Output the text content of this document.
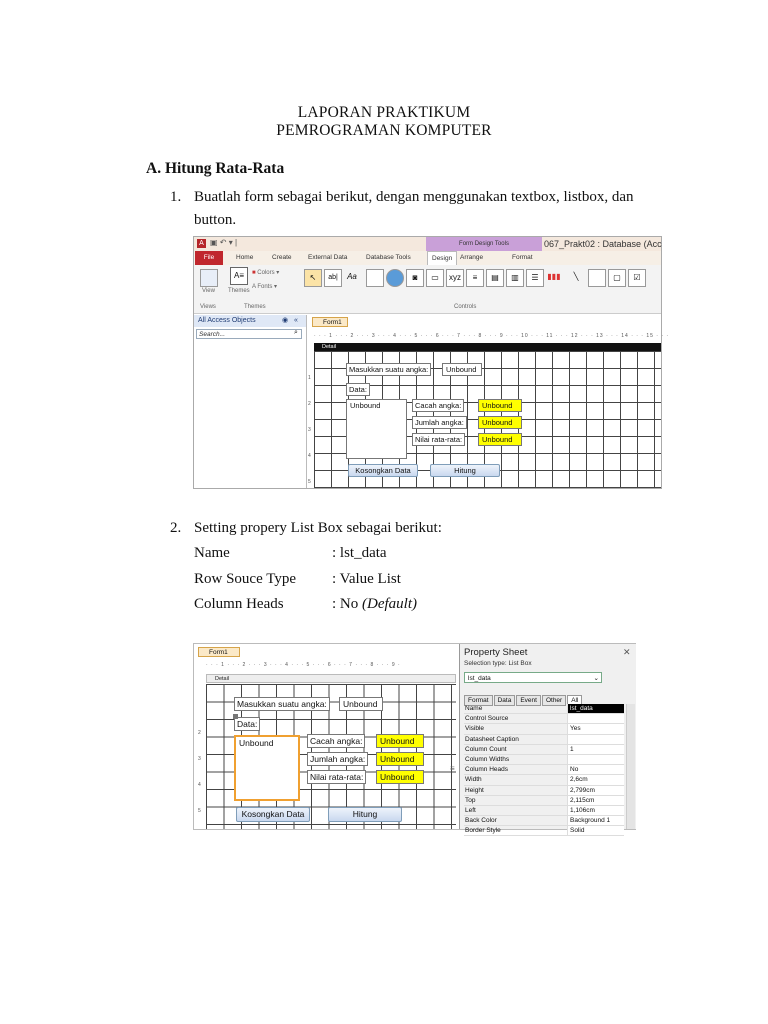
LAPORAN PRAKTIKUM
PEMROGRAMAN KOMPUTER
A. Hitung Rata-Rata
1. Buatlah form sebagai berikut, dengan menggunakan textbox, listbox, dan
button.
A ▣ ↶ ▾ |	Form Design Tools	067_Prakt02 : Database (Acc
File	Home	Create	External Data	Database Tools	Design	Arrange	Format
View
Views
A≡
Themes
■ Colors ▾
A Fonts ▾
Themes
↖	ab|	Aa	◙	▭	xyz	≡	▤	▥	☰	▮▮▮	╲	▢	☑
Controls
All Access Objects	◉ «
Search...	⌕
Form1
· · · 1 · · · 2 · · · 3 · · · 4 · · · 5 · · · 6 · · · 7 · · · 8 · · · 9 · · · 10 · · · 11 · · · 12 · · · 13 · · · 14 · · · 15 · · ·
Detail
1
2
3
4
5
Masukkan suatu angka:	Unbound
Data:
Unbound	Cacah angka:	Unbound
Jumlah angka:	Unbound
Nilai rata-rata:	Unbound
Kosongkan Data	Hitung
2. Setting propery List Box sebagai berikut:
Name	: lst_data
Row Souce Type : Value List
Column Heads	: No (Default)
Form1
· · · 1 · · · 2 · · · 3 · · · 4 · · · 5 · · · 6 · · · 7 · · · 8 · · · 9 ·
Detail
2
3
4
5
Masukkan suatu angka:	Unbound
Data:
Unbound	Cacah angka:	Unbound
Jumlah angka:	Unbound
Nilai rata-rata:	Unbound
Kosongkan Data	Hitung
≡
Property Sheet	✕
Selection type: List Box
lst_data	⌄
Format Data Event Other All
Name	lst_data
Control Source
Visible	Yes
Datasheet Caption
Column Count	1
Column Widths
Column Heads	No
Width	2,6cm
Height	2,799cm
Top	2,115cm
Left	1,106cm
Back Color	Background 1
Border Style	Solid
